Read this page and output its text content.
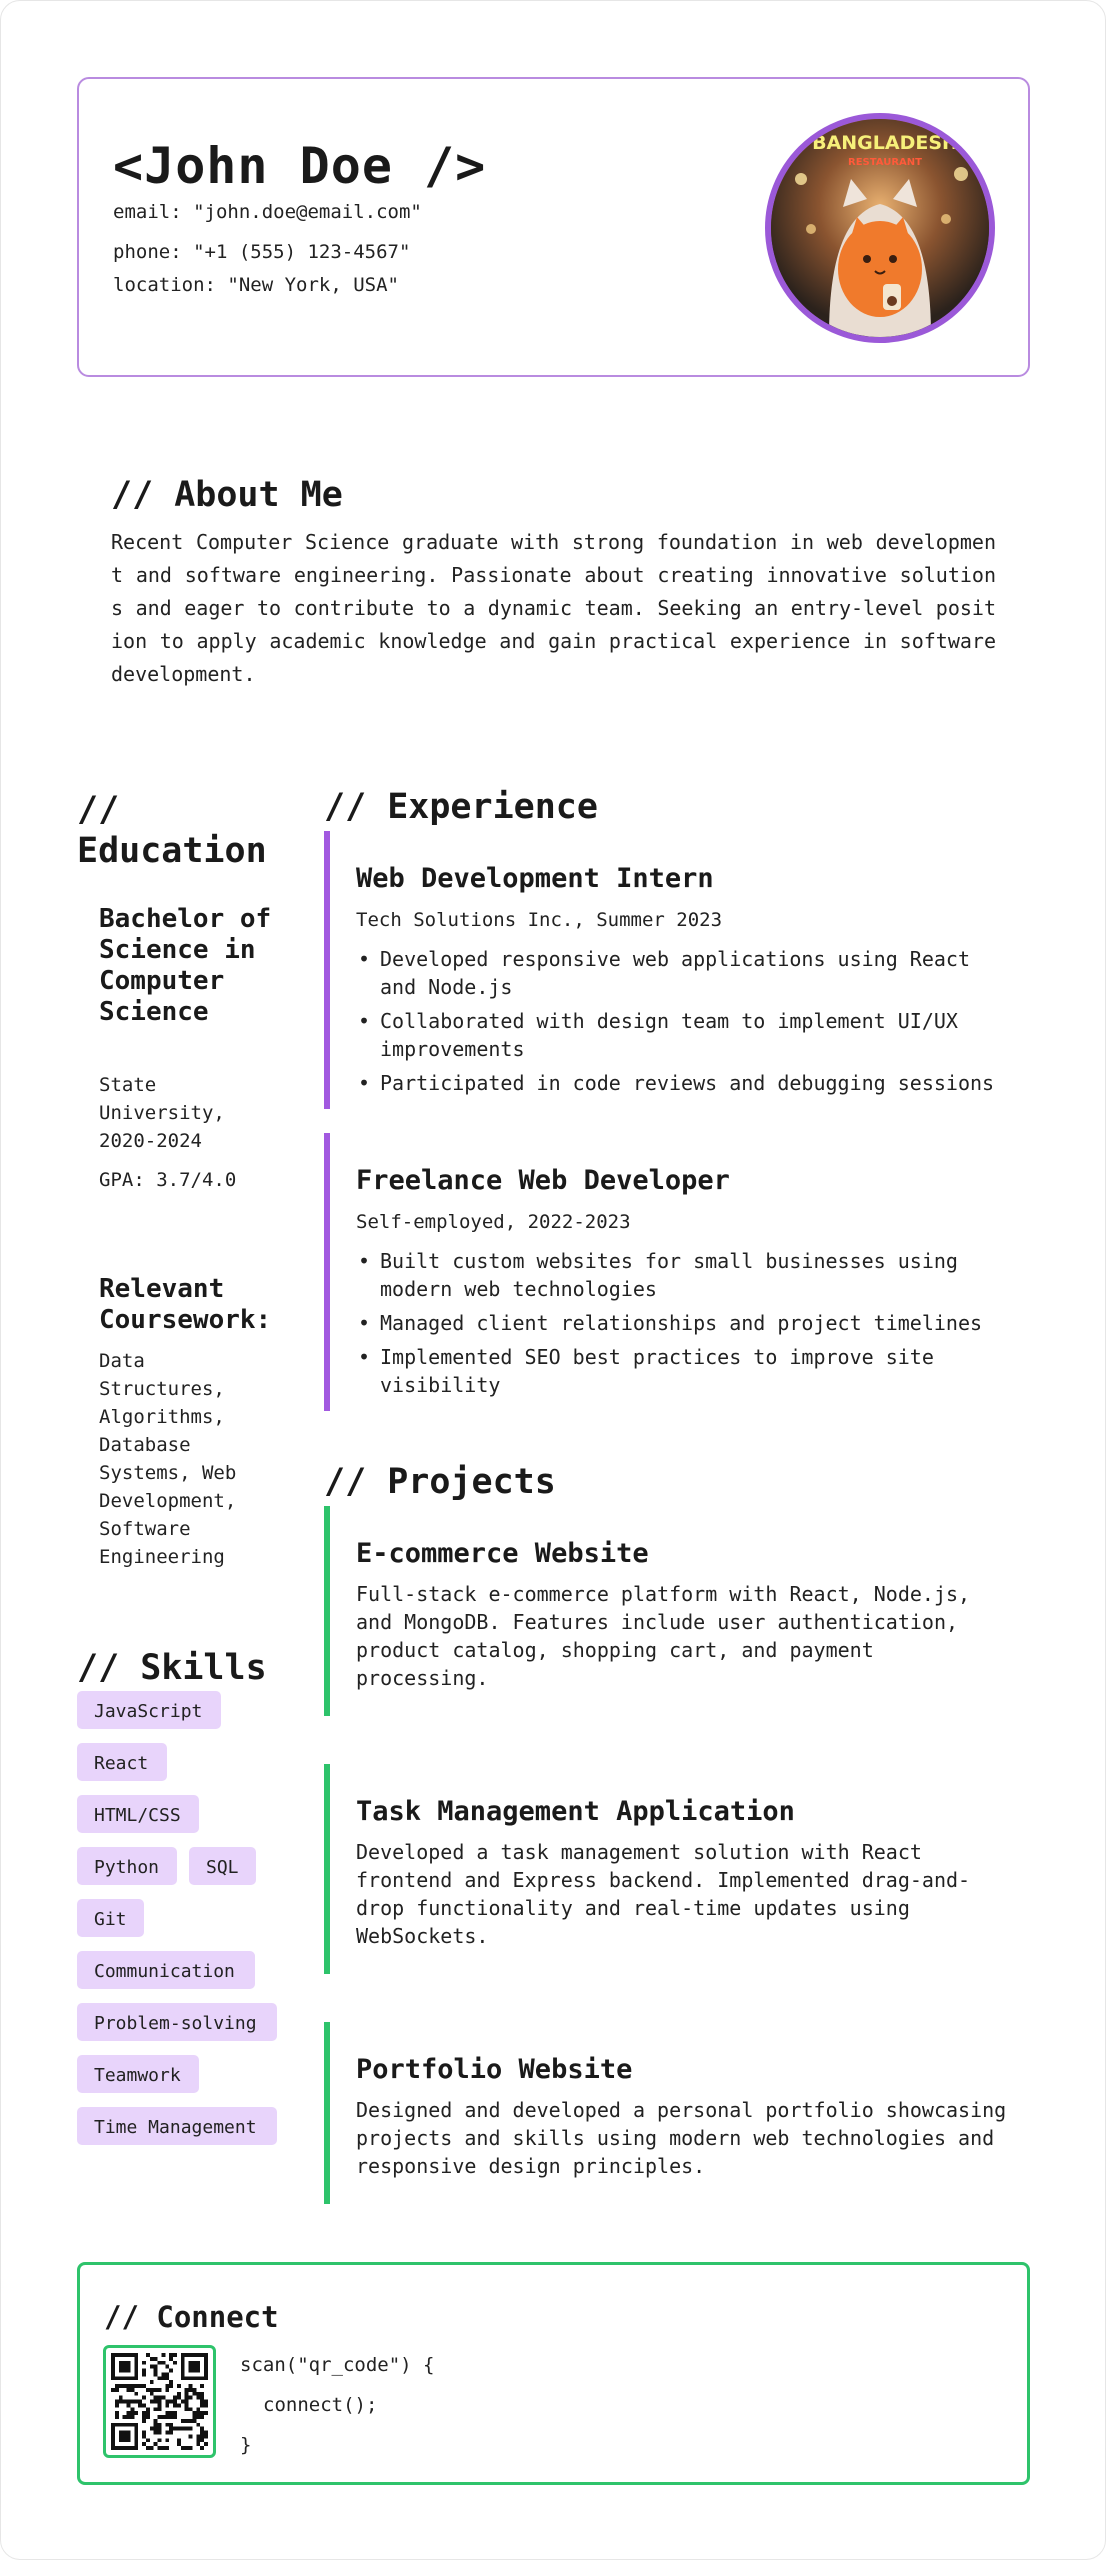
<John Doe />
email: "john.doe@email.com"
phone: "+1 (555) 123-4567"
location: "New York, USA"
BANGLADESH
RESTAURANT
// About Me
Recent Computer Science graduate with strong foundation in web development and software engineering. Passionate about creating innovative solutions and eager to contribute to a dynamic team. Seeking an entry-level position to apply academic knowledge and gain practical experience in software development.
// Education
Bachelor of Science in Computer Science
State University, 2020-2024
GPA: 3.7/4.0
Relevant Coursework:
Data Structures, Algorithms, Database Systems, Web Development, Software Engineering
// Skills
JavaScript
React
HTML/CSS
Python	SQL
Git
Communication
Problem-solving
Teamwork
Time Management
// Experience
Web Development Intern
Tech Solutions Inc., Summer 2023
• Developed responsive web applications using React and Node.js
• Collaborated with design team to implement UI/UX improvements
• Participated in code reviews and debugging sessions
Freelance Web Developer
Self-employed, 2022-2023
• Built custom websites for small businesses using modern web technologies
• Managed client relationships and project timelines
• Implemented SEO best practices to improve site visibility
// Projects
E-commerce Website
Full-stack e-commerce platform with React, Node.js, and MongoDB. Features include user authentication, product catalog, shopping cart, and payment processing.
Task Management Application
Developed a task management solution with React frontend and Express backend. Implemented drag-and-drop functionality and real-time updates using WebSockets.
Portfolio Website
Designed and developed a personal portfolio showcasing projects and skills using modern web technologies and responsive design principles.
// Connect
scan("qr_code") {
connect();
}
